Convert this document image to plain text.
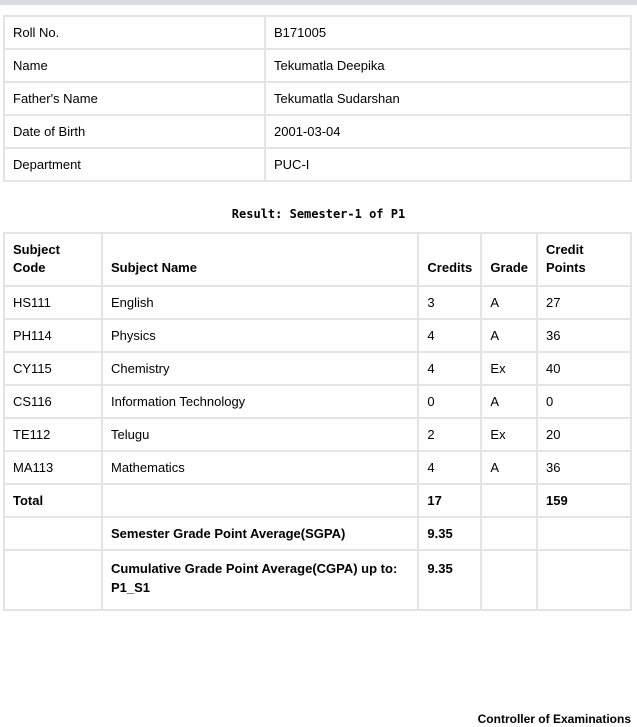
Roll No.	B171005
Name	Tekumatla Deepika
Father's Name	Tekumatla Sudarshan
Date of Birth	2001-03-04
Department	PUC-I
Result: Semester-1 of P1
Subject Code	Subject Name	Credits	Grade	Credit Points
HS111	English	3	A	27
PH114	Physics	4	A	36
CY115	Chemistry	4	Ex	40
CS116	Information Technology	0	A	0
TE112	Telugu	2	Ex	20
MA113	Mathematics	4	A	36
Total		17		159
	Semester Grade Point Average(SGPA)	9.35		
	Cumulative Grade Point Average(CGPA) up to: P1_S1	9.35		
Controller of Examinations
